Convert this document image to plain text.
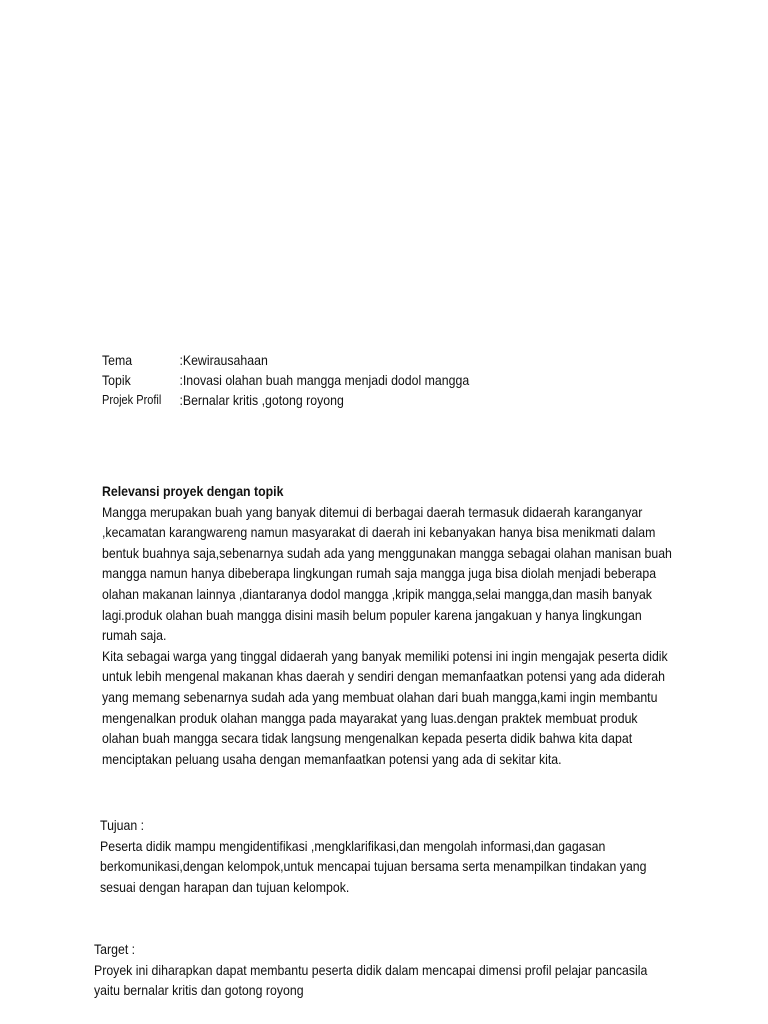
Tema	:Kewirausahaan
Topik	:Inovasi olahan buah mangga menjadi dodol mangga
Projek Profil	:Bernalar kritis ,gotong royong
Relevansi proyek dengan topik
Mangga merupakan buah yang banyak ditemui di berbagai daerah termasuk didaerah karanganyar
,kecamatan karangwareng namun masyarakat di daerah ini kebanyakan hanya bisa menikmati dalam
bentuk buahnya saja,sebenarnya sudah ada yang menggunakan mangga sebagai olahan manisan buah
mangga namun hanya dibeberapa lingkungan rumah saja mangga juga bisa diolah menjadi beberapa
olahan makanan lainnya ,diantaranya dodol mangga ,kripik mangga,selai mangga,dan masih banyak
lagi.produk olahan buah mangga disini masih belum populer karena jangakuan y hanya lingkungan
rumah saja.
Kita sebagai warga yang tinggal didaerah yang banyak memiliki potensi ini ingin mengajak peserta didik
untuk lebih mengenal makanan khas daerah y sendiri dengan memanfaatkan potensi yang ada diderah
yang memang sebenarnya sudah ada yang membuat olahan dari buah mangga,kami ingin membantu
mengenalkan produk olahan mangga pada mayarakat yang luas.dengan praktek membuat produk
olahan buah mangga secara tidak langsung mengenalkan kepada peserta didik bahwa kita dapat
menciptakan peluang usaha dengan memanfaatkan potensi yang ada di sekitar kita.
Tujuan :
Peserta didik mampu mengidentifikasi ,mengklarifikasi,dan mengolah informasi,dan gagasan
berkomunikasi,dengan kelompok,untuk mencapai tujuan bersama serta menampilkan tindakan yang
sesuai dengan harapan dan tujuan kelompok.
Target :
Proyek ini diharapkan dapat membantu peserta didik dalam mencapai dimensi profil pelajar pancasila
yaitu bernalar kritis dan gotong royong
